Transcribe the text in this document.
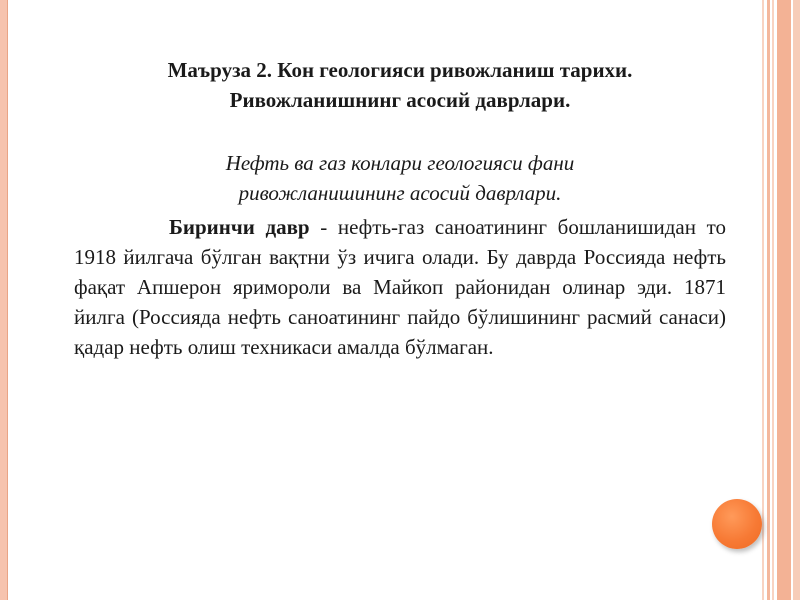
Маъруза 2. Кон геологияси ривожланиш тарихи.
Ривожланишнинг асосий даврлари.
Нефть ва газ конлари геологияси фани
ривожланишининг асосий даврлари.
Биринчи давр - нефть-газ саноатининг бошланишидан то 1918 йилгача бўлган вақтни ўз ичига олади. Бу даврда Россияда нефть фақат Апшерон яримороли ва Майкоп районидан олинар эди. 1871 йилга (Россияда нефть саноатининг пайдо бўлишининг расмий санаси) қадар нефть олиш техникаси амалда бўлмаган.
